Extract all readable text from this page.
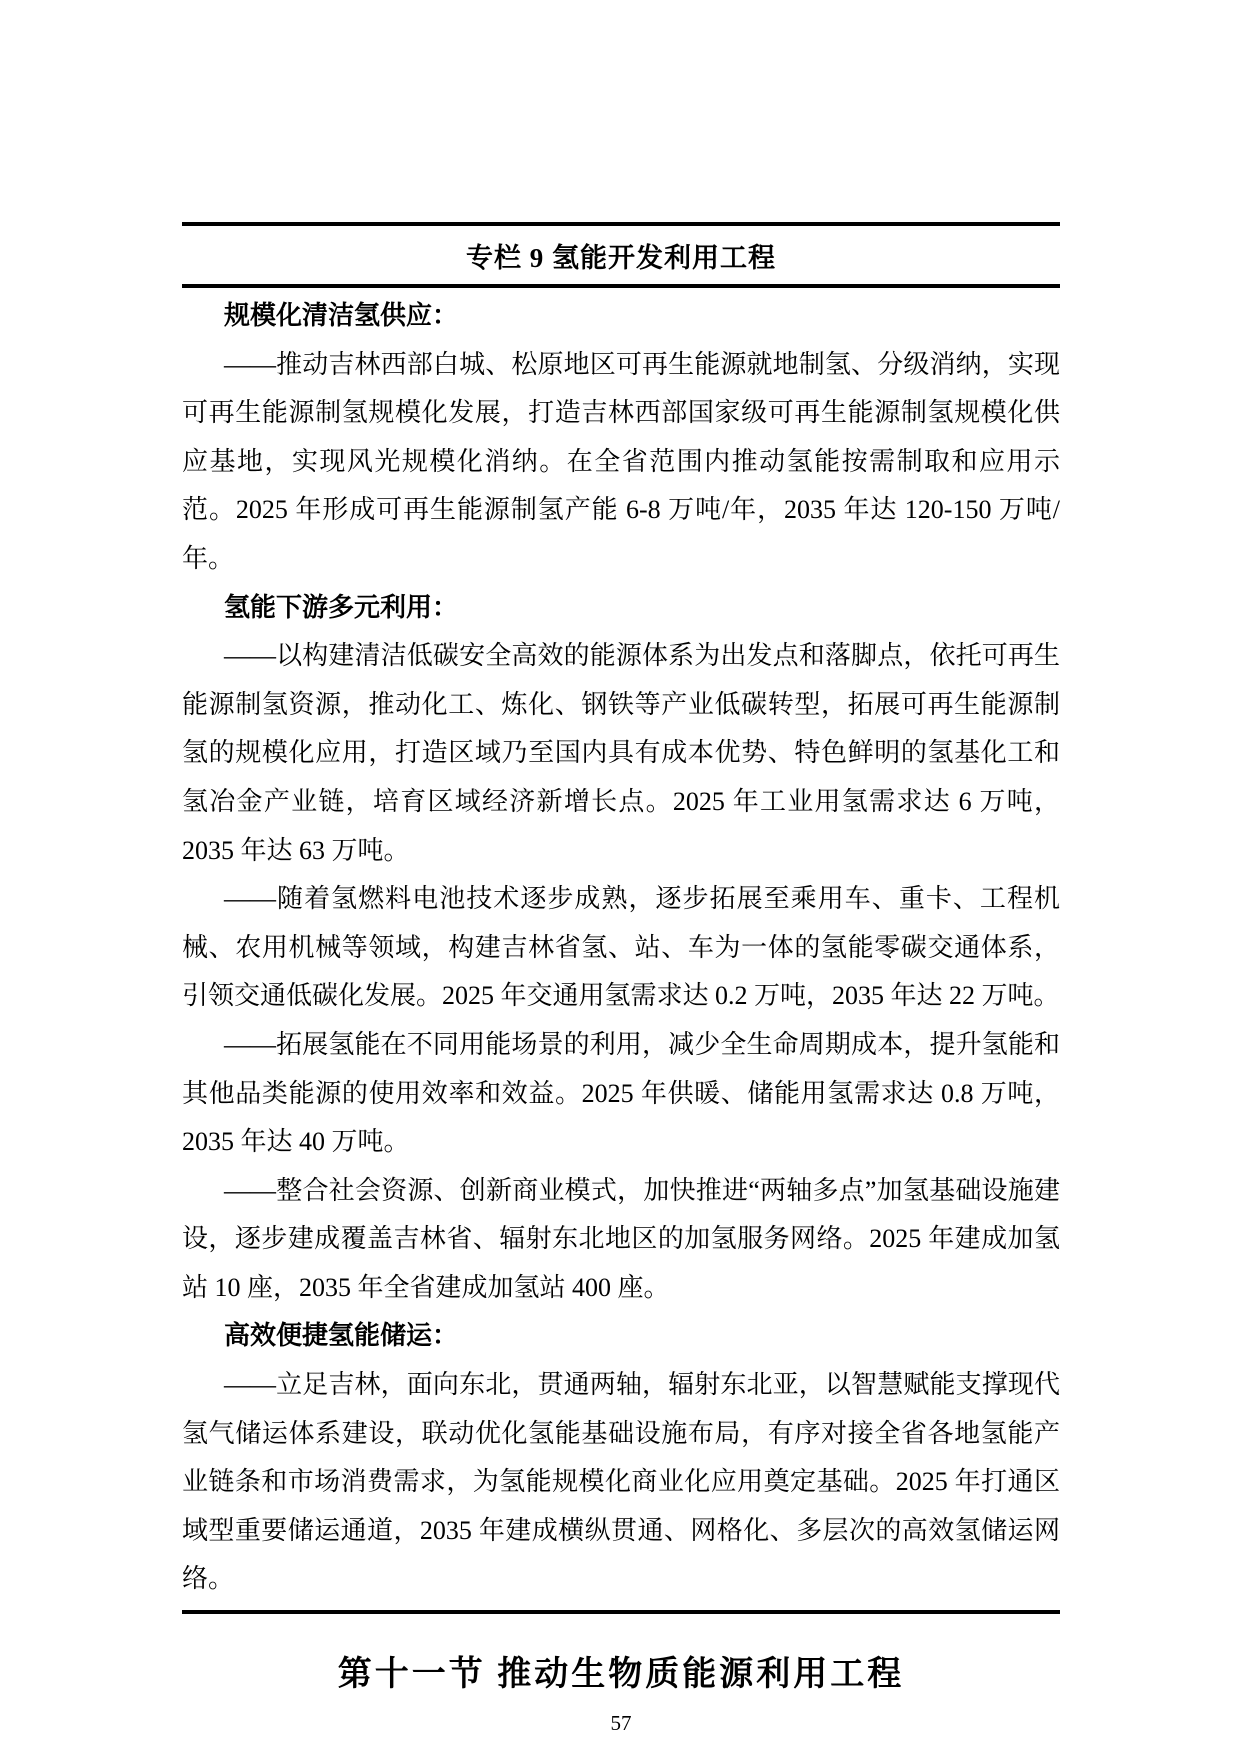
专栏 9 氢能开发利用工程
规模化清洁氢供应：

——推动吉林西部白城、松原地区可再生能源就地制氢、分级消纳，实现可再生能源制氢规模化发展，打造吉林西部国家级可再生能源制氢规模化供应基地，实现风光规模化消纳。在全省范围内推动氢能按需制取和应用示范。2025 年形成可再生能源制氢产能 6-8 万吨/年，2035 年达 120-150 万吨/年。

氢能下游多元利用：

——以构建清洁低碳安全高效的能源体系为出发点和落脚点，依托可再生能源制氢资源，推动化工、炼化、钢铁等产业低碳转型，拓展可再生能源制氢的规模化应用，打造区域乃至国内具有成本优势、特色鲜明的氢基化工和氢冶金产业链，培育区域经济新增长点。2025 年工业用氢需求达 6 万吨，2035 年达 63 万吨。

——随着氢燃料电池技术逐步成熟，逐步拓展至乘用车、重卡、工程机械、农用机械等领域，构建吉林省氢、站、车为一体的氢能零碳交通体系，引领交通低碳化发展。2025 年交通用氢需求达 0.2 万吨，2035 年达 22 万吨。

——拓展氢能在不同用能场景的利用，减少全生命周期成本，提升氢能和其他品类能源的使用效率和效益。2025 年供暖、储能用氢需求达 0.8 万吨，2035 年达 40 万吨。

——整合社会资源、创新商业模式，加快推进“两轴多点”加氢基础设施建设，逐步建成覆盖吉林省、辐射东北地区的加氢服务网络。2025 年建成加氢站 10 座，2035 年全省建成加氢站 400 座。

高效便捷氢能储运：

——立足吉林，面向东北，贯通两轴，辐射东北亚，以智慧赋能支撑现代氢气储运体系建设，联动优化氢能基础设施布局，有序对接全省各地氢能产业链条和市场消费需求，为氢能规模化商业化应用奠定基础。2025 年打通区域型重要储运通道，2035 年建成横纵贯通、网格化、多层次的高效氢储运网络。

第十一节 推动生物质能源利用工程
57
